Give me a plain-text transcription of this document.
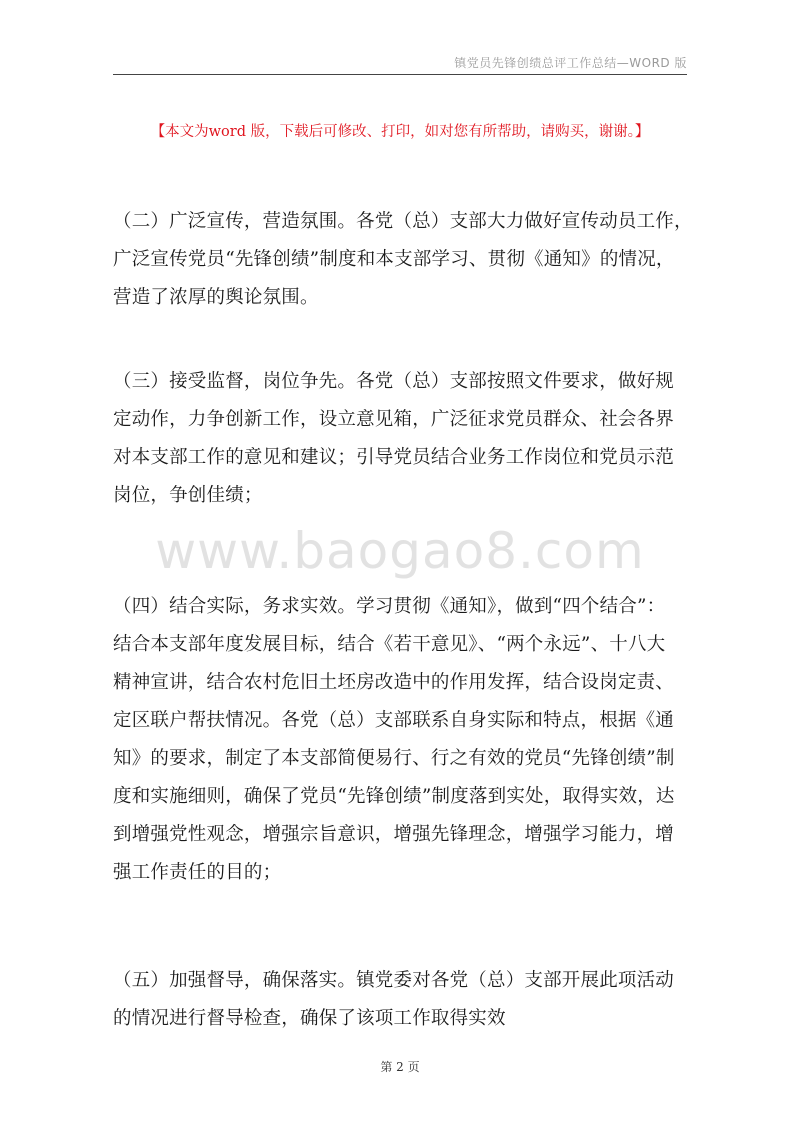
镇党员先锋创绩总评工作总结—WORD 版
【本文为word 版，下载后可修改、打印，如对您有所帮助，请购买，谢谢。】
www.baogao8.com
（二）广泛宣传，营造氛围。各党（总）支部大力做好宣传动员工作，
广泛宣传党员“先锋创绩”制度和本支部学习、贯彻《通知》的情况，
营造了浓厚的舆论氛围。
（三）接受监督，岗位争先。各党（总）支部按照文件要求，做好规
定动作，力争创新工作，设立意见箱，广泛征求党员群众、社会各界
对本支部工作的意见和建议；引导党员结合业务工作岗位和党员示范
岗位，争创佳绩；
（四）结合实际，务求实效。学习贯彻《通知》，做到“四个结合”：
结合本支部年度发展目标，结合《若干意见》、“两个永远”、十八大
精神宣讲，结合农村危旧土坯房改造中的作用发挥，结合设岗定责、
定区联户帮扶情况。各党（总）支部联系自身实际和特点，根据《通
知》的要求，制定了本支部简便易行、行之有效的党员“先锋创绩”制
度和实施细则，确保了党员“先锋创绩”制度落到实处，取得实效，达
到增强党性观念，增强宗旨意识，增强先锋理念，增强学习能力，增
强工作责任的目的；
（五）加强督导，确保落实。镇党委对各党（总）支部开展此项活动
的情况进行督导检查，确保了该项工作取得实效
第 2 页
